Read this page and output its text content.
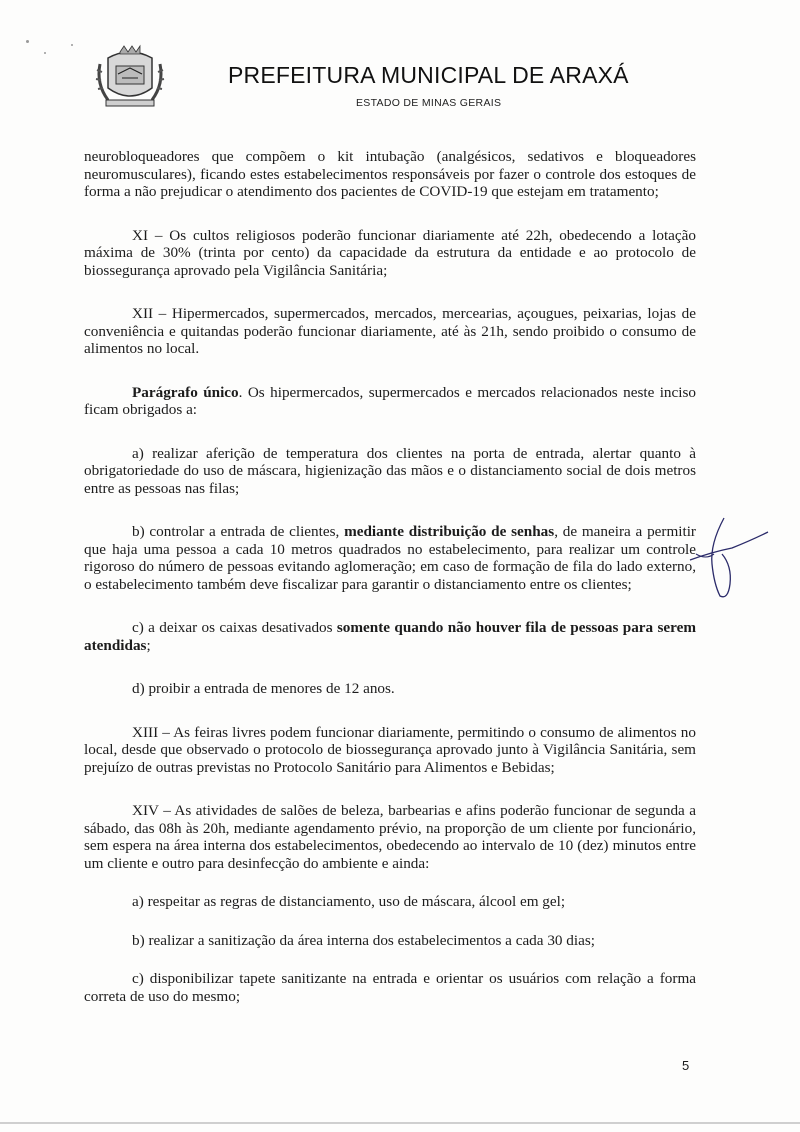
PREFEITURA MUNICIPAL DE ARAXÁ
ESTADO DE MINAS GERAIS

neurobloqueadores que compõem o kit intubação (analgésicos, sedativos e bloqueadores neuromusculares), ficando estes estabelecimentos responsáveis por fazer o controle dos estoques de forma a não prejudicar o atendimento dos pacientes de COVID-19 que estejam em tratamento;

XI – Os cultos religiosos poderão funcionar diariamente até 22h, obedecendo a lotação máxima de 30% (trinta por cento) da capacidade da estrutura da entidade e ao protocolo de biossegurança aprovado pela Vigilância Sanitária;

XII – Hipermercados, supermercados, mercados, mercearias, açougues, peixarias, lojas de conveniência e quitandas poderão funcionar diariamente, até às 21h, sendo proibido o consumo de alimentos no local.

Parágrafo único. Os hipermercados, supermercados e mercados relacionados neste inciso ficam obrigados a:

a) realizar aferição de temperatura dos clientes na porta de entrada, alertar quanto à obrigatoriedade do uso de máscara, higienização das mãos e o distanciamento social de dois metros entre as pessoas nas filas;

b) controlar a entrada de clientes, mediante distribuição de senhas, de maneira a permitir que haja uma pessoa a cada 10 metros quadrados no estabelecimento, para realizar um controle rigoroso do número de pessoas evitando aglomeração; em caso de formação de fila do lado externo, o estabelecimento também deve fiscalizar para garantir o distanciamento entre os clientes;

c) a deixar os caixas desativados somente quando não houver fila de pessoas para serem atendidas;

d) proibir a entrada de menores de 12 anos.

XIII – As feiras livres podem funcionar diariamente, permitindo o consumo de alimentos no local, desde que observado o protocolo de biossegurança aprovado junto à Vigilância Sanitária, sem prejuízo de outras previstas no Protocolo Sanitário para Alimentos e Bebidas;

XIV – As atividades de salões de beleza, barbearias e afins poderão funcionar de segunda a sábado, das 08h às 20h, mediante agendamento prévio, na proporção de um cliente por funcionário, sem espera na área interna dos estabelecimentos, obedecendo ao intervalo de 10 (dez) minutos entre um cliente e outro para desinfecção do ambiente e ainda:

a) respeitar as regras de distanciamento, uso de máscara, álcool em gel;

b) realizar a sanitização da área interna dos estabelecimentos a cada 30 dias;

c) disponibilizar tapete sanitizante na entrada e orientar os usuários com relação a forma correta de uso do mesmo;

5
